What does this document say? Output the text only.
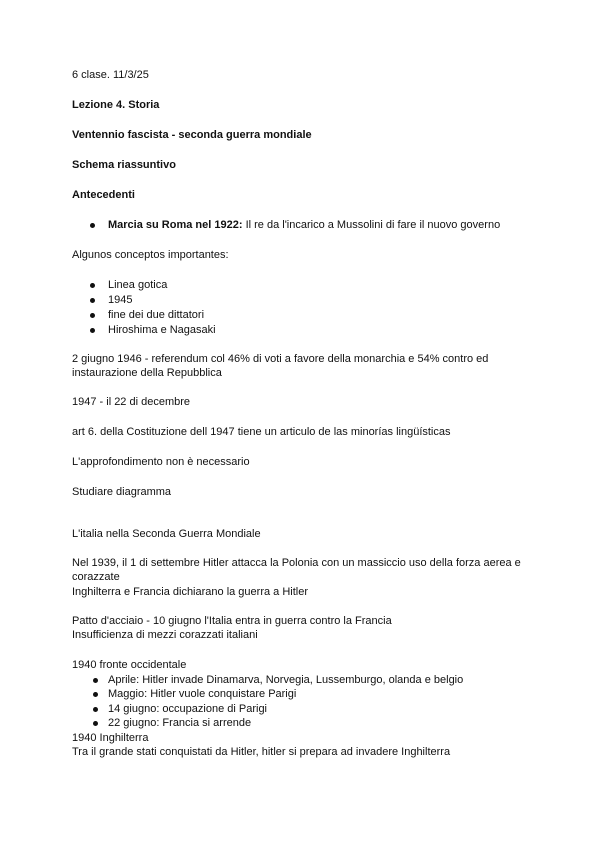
6 clase. 11/3/25
Lezione 4. Storia
Ventennio fascista - seconda guerra mondiale
Schema riassuntivo
Antecedenti
Marcia su Roma nel 1922: Il re da l'incarico a Mussolini di fare il nuovo governo
Algunos conceptos importantes:
Linea gotica
1945
fine dei due dittatori
Hiroshima e Nagasaki
2 giugno 1946 - referendum col 46% di voti a favore della monarchia e 54% contro ed
instaurazione della Repubblica
1947 - il 22 di decembre
art 6. della Costituzione dell 1947 tiene un articulo de las minorías lingüísticas
L'approfondimento non è necessario
Studiare diagramma
L'italia nella Seconda Guerra Mondiale
Nel 1939, il 1 di settembre Hitler attacca la Polonia con un massiccio uso della forza aerea e
corazzate
Inghilterra e Francia dichiarano la guerra a Hitler
Patto d'acciaio - 10 giugno l'Italia entra in guerra contro la Francia
Insufficienza di mezzi corazzati italiani
1940 fronte occidentale
Aprile: Hitler invade Dinamarva, Norvegia, Lussemburgo, olanda e belgio
Maggio: Hitler vuole conquistare Parigi
14 giugno: occupazione di Parigi
22 giugno: Francia si arrende
1940 Inghilterra
Tra il grande stati conquistati da Hitler, hitler si prepara ad invadere Inghilterra
